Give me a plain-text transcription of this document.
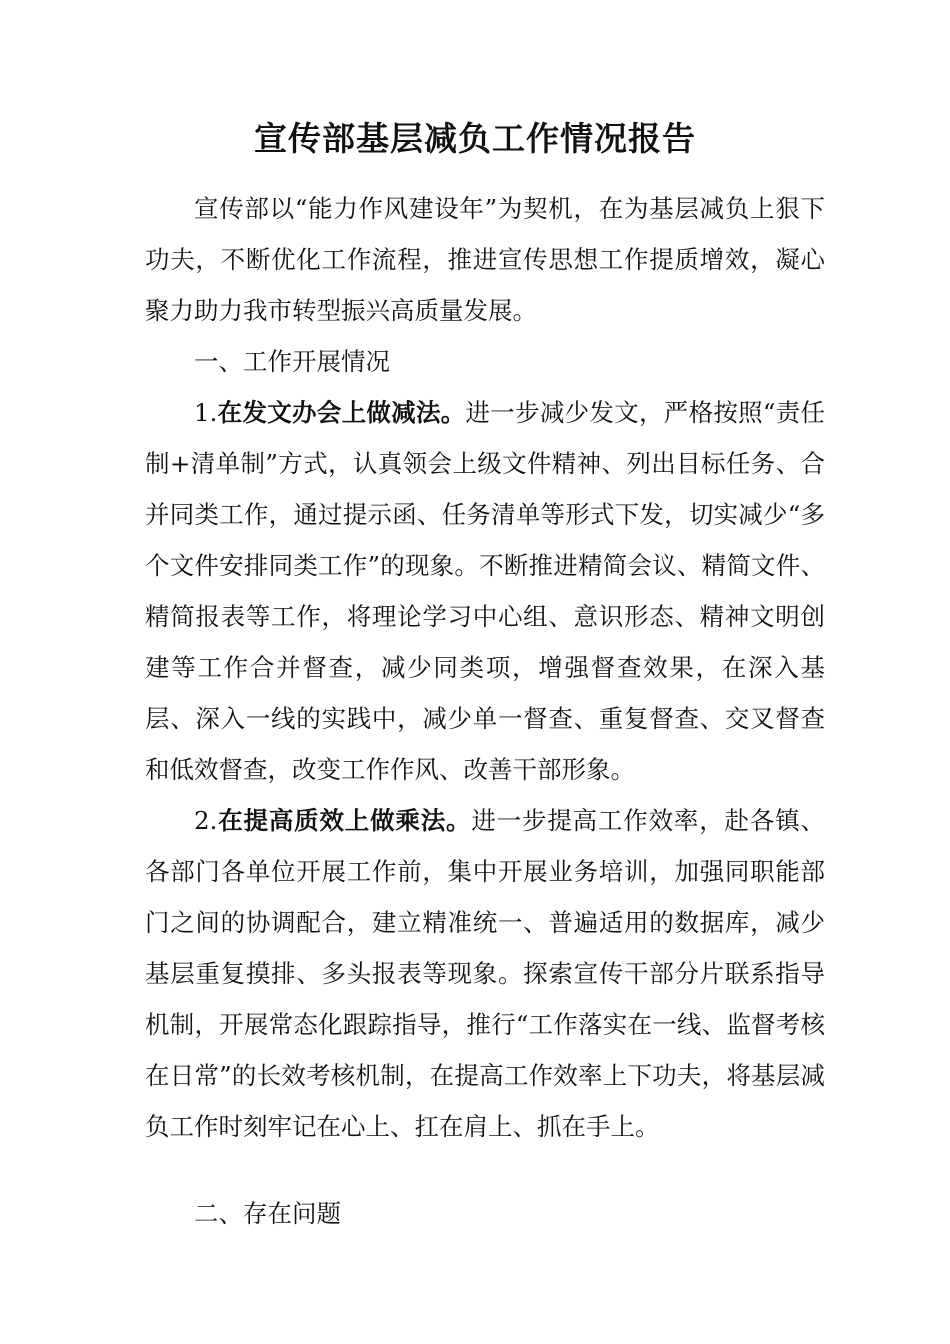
宣传部基层减负工作情况报告

宣传部以“能力作风建设年”为契机，在为基层减负上狠下功夫，不断优化工作流程，推进宣传思想工作提质增效，凝心聚力助力我市转型振兴高质量发展。

一、工作开展情况

1.在发文办会上做减法。进一步减少发文，严格按照“责任制+清单制”方式，认真领会上级文件精神、列出目标任务、合并同类工作，通过提示函、任务清单等形式下发，切实减少“多个文件安排同类工作”的现象。不断推进精简会议、精简文件、精简报表等工作，将理论学习中心组、意识形态、精神文明创建等工作合并督查，减少同类项，增强督查效果，在深入基层、深入一线的实践中，减少单一督查、重复督查、交叉督查和低效督查，改变工作作风、改善干部形象。

2.在提高质效上做乘法。进一步提高工作效率，赴各镇、各部门各单位开展工作前，集中开展业务培训，加强同职能部门之间的协调配合，建立精准统一、普遍适用的数据库，减少基层重复摸排、多头报表等现象。探索宣传干部分片联系指导机制，开展常态化跟踪指导，推行“工作落实在一线、监督考核在日常”的长效考核机制，在提高工作效率上下功夫，将基层减负工作时刻牢记在心上、扛在肩上、抓在手上。

二、存在问题
